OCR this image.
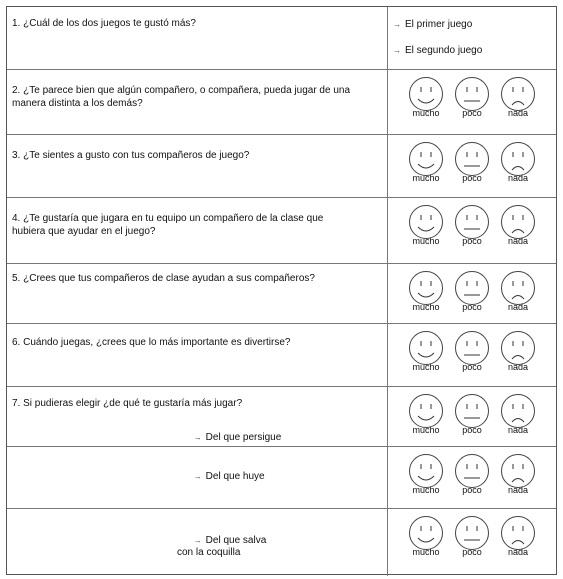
1. ¿Cuál de los dos juegos te gustó más?	→ El primer juego
→ El segundo juego
2. ¿Te parece bien que algún compañero, o compañera, pueda jugar de una
manera distinta a los demás?
mucho	poco	nada
3. ¿Te sientes a gusto con tus compañeros de juego?
mucho	poco	nada
4. ¿Te gustaría que jugara en tu equipo un compañero de la clase que
hubiera que ayudar en el juego?
mucho	poco	nada
5. ¿Crees que tus compañeros de clase ayudan a sus compañeros?
mucho	poco	nada
6. Cuándo juegas, ¿crees que lo más importante es divertirse?
mucho	poco	nada
7. Si pudieras elegir ¿de qué te gustaría más jugar?

→ Del que persigue

mucho	poco	nada

→ Del que huye

mucho	poco	nada

→ Del que salva
con la coquilla
	mucho	poco	nada
